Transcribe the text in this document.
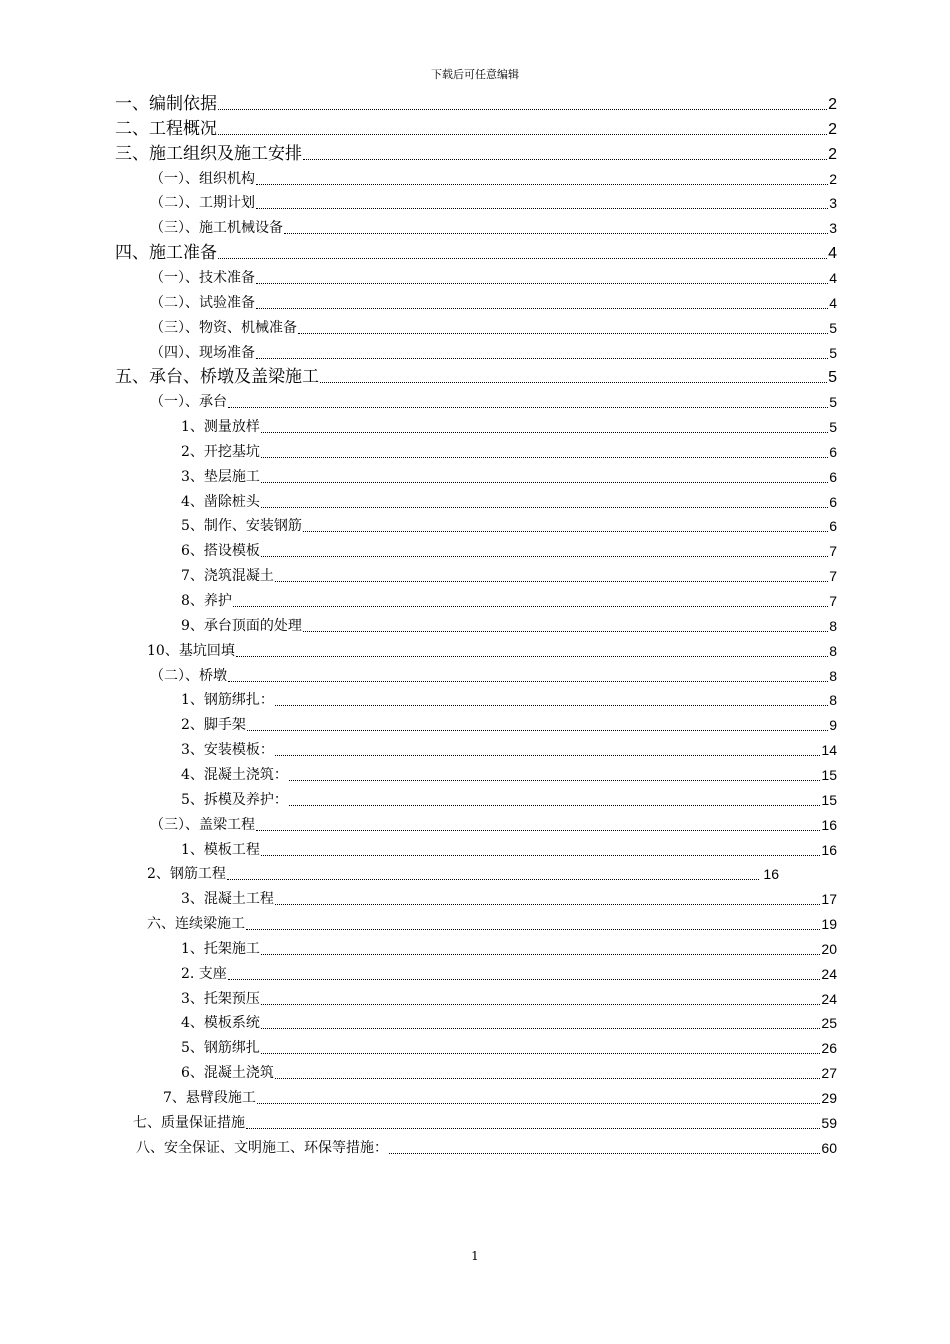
下载后可任意编辑
一、编制依据	2
二、工程概况	2
三、施工组织及施工安排	2
（一）、组织机构	2
（二）、工期计划	3
（三）、施工机械设备	3
四、施工准备	4
（一）、技术准备	4
（二）、试验准备	4
（三）、物资、机械准备	5
（四）、现场准备	5
五、承台、桥墩及盖梁施工	5
（一）、承台	5
1、测量放样	5
2、开挖基坑	6
3、垫层施工	6
4、凿除桩头	6
5、制作、安装钢筋	6
6、搭设模板	7
7、浇筑混凝土	7
8、养护	7
9、承台顶面的处理	8
10、基坑回填	8
（二）、桥墩	8
1、钢筋绑扎：	8
2、脚手架	9
3、安装模板：	14
4、混凝土浇筑：	15
5、拆模及养护：	15
（三）、盖梁工程	16
1、模板工程	16
2、钢筋工程	16
3、混凝土工程	17
六、连续梁施工	19
1、托架施工	20
2. 支座	24
3、托架预压	24
4、模板系统	25
5、钢筋绑扎	26
6、混凝土浇筑	27
7、悬臂段施工	29
七、质量保证措施	59
八、安全保证、文明施工、环保等措施：	60
1
